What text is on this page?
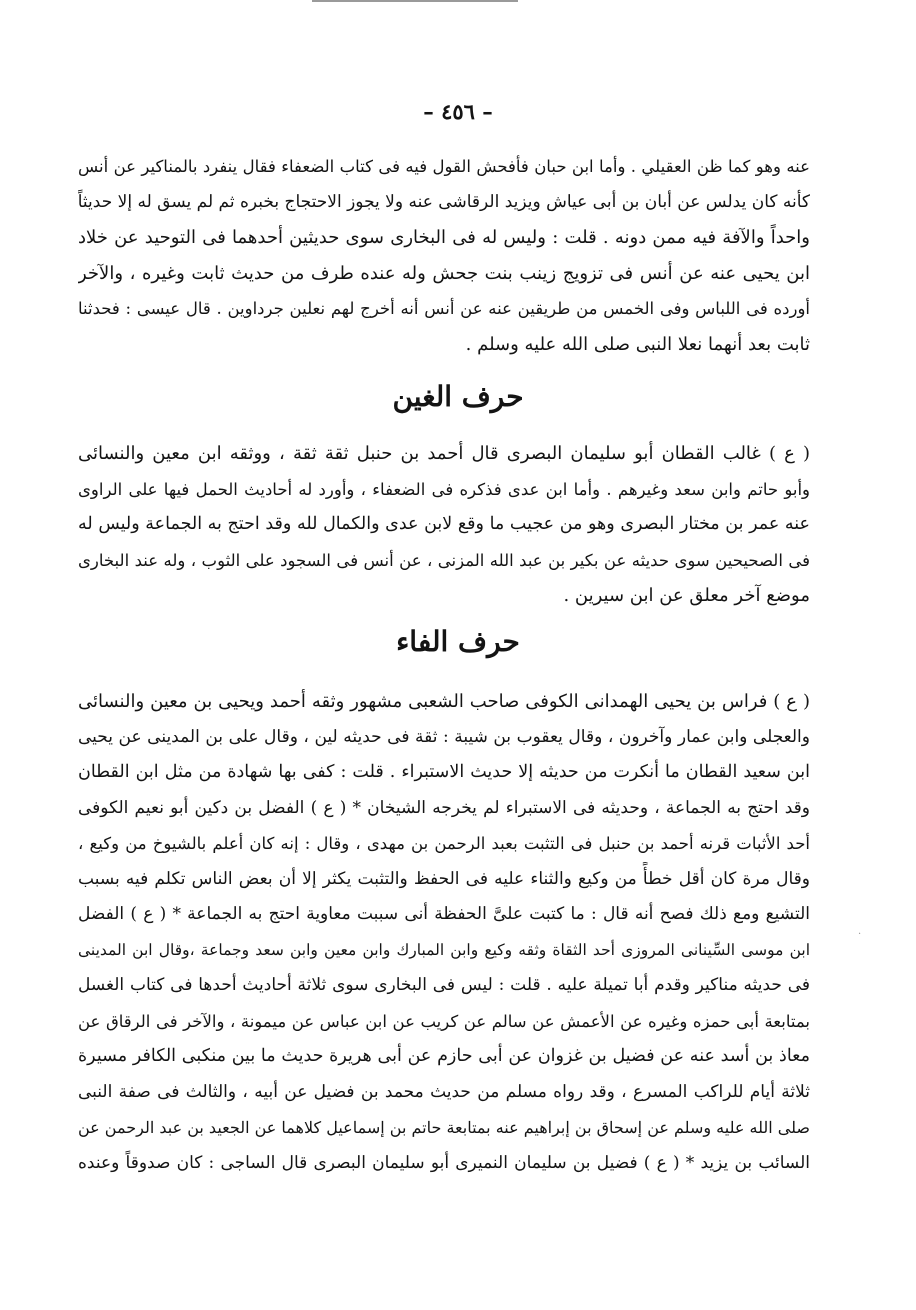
– ٤٥٦ –
عنه وهو كما ظن العقيلي . وأما ابن حبان فأفحش القول فيه فى كتاب الضعفاء فقال ينفرد بالمناكير عن أنس
كأنه كان يدلس عن أبان بن أبى عياش ويزيد الرقاشى عنه ولا يجوز الاحتجاج بخبره ثم لم يسق له إلا حديثاً
واحداً والآفة فيه ممن دونه . قلت : وليس له فى البخارى سوى حديثين أحدهما فى التوحيد عن خلاد
ابن يحيى عنه عن أنس فى تزويج زينب بنت جحش وله عنده طرف من حديث ثابت وغيره ، والآخر
أورده فى اللباس وفى الخمس من طريقين عنه عن أنس أنه أخرج لهم نعلين جرداوين . قال عيسى : فحدثنا
ثابت بعد أنهما نعلا النبى صلى الله عليه وسلم .
حرف الغين
( ع ) غالب القطان أبو سليمان البصرى قال أحمد بن حنبل ثقة ثقة ، ووثقه ابن معين والنسائى
وأبو حاتم وابن سعد وغيرهم . وأما ابن عدى فذكره فى الضعفاء ، وأورد له أحاديث الحمل فيها على الراوى
عنه عمر بن مختار البصرى وهو من عجيب ما وقع لابن عدى والكمال لله وقد احتج به الجماعة وليس له
فى الصحيحين سوى حديثه عن بكير بن عبد الله المزنى ، عن أنس فى السجود على الثوب ، وله عند البخارى
موضع آخر معلق عن ابن سيرين .
حرف الفاء
( ع ) فراس بن يحيى الهمدانى الكوفى صاحب الشعبى مشهور وثقه أحمد ويحيى بن معين والنسائى
والعجلى وابن عمار وآخرون ، وقال يعقوب بن شيبة : ثقة فى حديثه لين ، وقال على بن المدينى عن يحيى
ابن سعيد القطان ما أنكرت من حديثه إلا حديث الاستبراء . قلت : كفى بها شهادة من مثل ابن القطان
وقد احتج به الجماعة ، وحديثه فى الاستبراء لم يخرجه الشيخان * ( ع ) الفضل بن دكين أبو نعيم الكوفى
أحد الأثبات قرنه أحمد بن حنبل فى التثبت بعبد الرحمن بن مهدى ، وقال : إنه كان أعلم بالشيوخ من وكيع ،
وقال مرة كان أقل خطأً من وكيع والثناء عليه فى الحفظ والتثبت يكثر إلا أن بعض الناس تكلم فيه بسبب
التشيع ومع ذلك فصح أنه قال : ما كتبت علىَّ الحفظة أنى سببت معاوية احتج به الجماعة * ( ع ) الفضل
ابن موسى السِّينانى المروزى أحد الثقاة وثقه وكيع وابن المبارك وابن معين وابن سعد وجماعة ،وقال ابن المدينى
فى حديثه مناكير وقدم أبا تميلة عليه . قلت : ليس فى البخارى سوى ثلاثة أحاديث أحدها فى كتاب الغسل
بمتابعة أبى حمزه وغيره عن الأعمش عن سالم عن كريب عن ابن عباس عن ميمونة ، والآخر فى الرقاق عن
معاذ بن أسد عنه عن فضيل بن غزوان عن أبى حازم عن أبى هريرة حديث ما بين منكبى الكافر مسيرة
ثلاثة أيام للراكب المسرع ، وقد رواه مسلم من حديث محمد بن فضيل عن أبيه ، والثالث فى صفة النبى
صلى الله عليه وسلم عن إسحاق بن إبراهيم عنه بمتابعة حاتم بن إسماعيل كلاهما عن الجعيد بن عبد الرحمن عن
السائب بن يزيد * ( ع ) فضيل بن سليمان النميرى أبو سليمان البصرى قال الساجى : كان صدوقاً وعنده
·
